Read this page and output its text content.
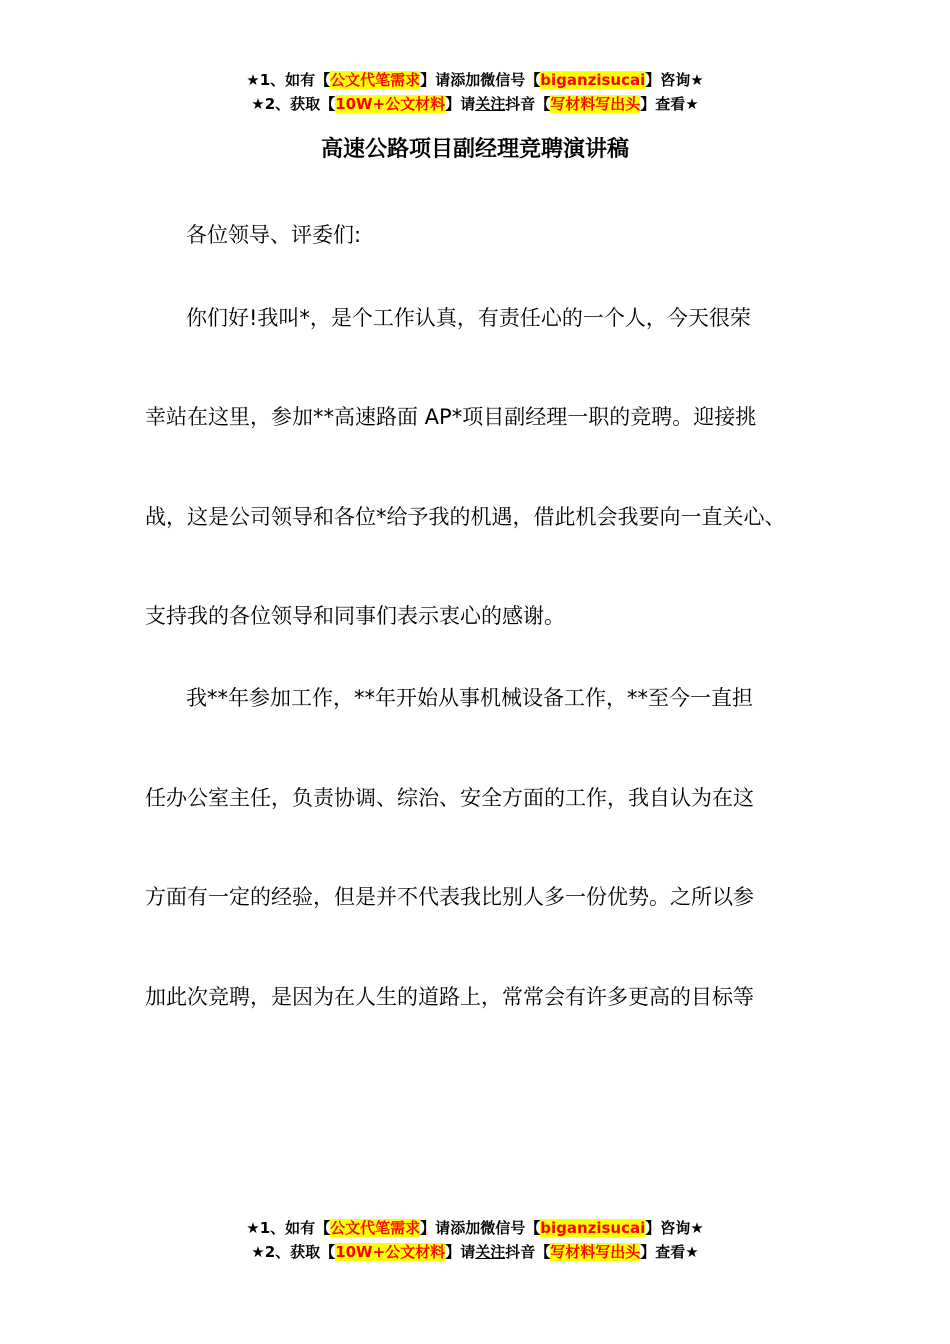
★1、如有【公文代笔需求】请添加微信号【biganzisucai】咨询★
★2、获取【10W+公文材料】请关注抖音【写材料写出头】查看★
高速公路项目副经理竞聘演讲稿
各位领导、评委们:
你们好!我叫*，是个工作认真，有责任心的一个人，今天很荣
幸站在这里，参加**高速路面 AP*项目副经理一职的竞聘。迎接挑
战，这是公司领导和各位*给予我的机遇，借此机会我要向一直关心、
支持我的各位领导和同事们表示衷心的感谢。
我**年参加工作，**年开始从事机械设备工作，**至今一直担
任办公室主任，负责协调、综治、安全方面的工作，我自认为在这
方面有一定的经验，但是并不代表我比别人多一份优势。之所以参
加此次竞聘，是因为在人生的道路上，常常会有许多更高的目标等
★1、如有【公文代笔需求】请添加微信号【biganzisucai】咨询★
★2、获取【10W+公文材料】请关注抖音【写材料写出头】查看★
